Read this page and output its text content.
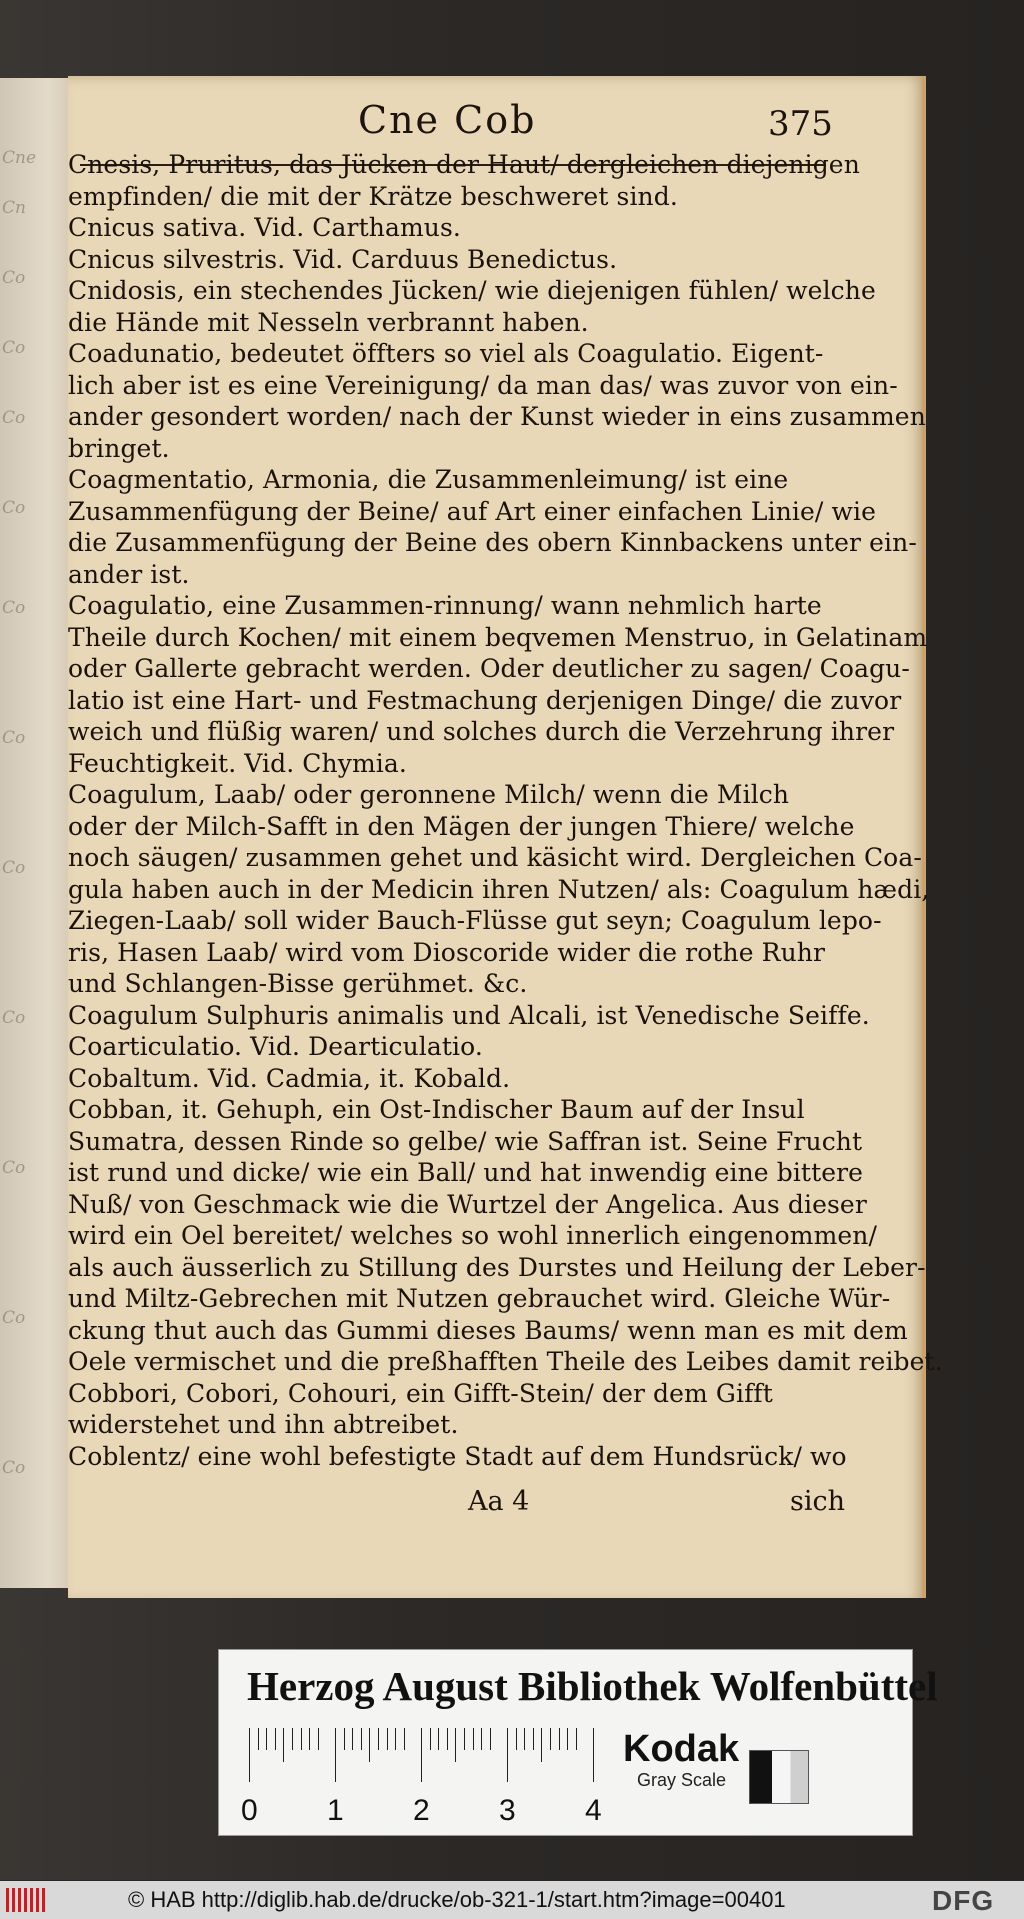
Cne
Cn
Co
Co
Co
Co
Co
Co
Co
Co
Co
Co
Co
Cne Cob	375
Cnesis, Pruritus, das Jücken der Haut/ dergleichen diejenigen
empfinden/ die mit der Krätze beschweret sind.
Cnicus sativa. Vid. Carthamus.
Cnicus silvestris. Vid. Carduus Benedictus.
Cnidosis, ein stechendes Jücken/ wie diejenigen fühlen/ welche
die Hände mit Nesseln verbrannt haben.
Coadunatio, bedeutet öffters so viel als Coagulatio. Eigent-
lich aber ist es eine Vereinigung/ da man das/ was zuvor von ein-
ander gesondert worden/ nach der Kunst wieder in eins zusammen
bringet.
Coagmentatio, Armonia, die Zusammenleimung/ ist eine
Zusammenfügung der Beine/ auf Art einer einfachen Linie/ wie
die Zusammenfügung der Beine des obern Kinnbackens unter ein-
ander ist.
Coagulatio, eine Zusammen-rinnung/ wann nehmlich harte
Theile durch Kochen/ mit einem beqvemen Menstruo, in Gelatinam
oder Gallerte gebracht werden. Oder deutlicher zu sagen/ Coagu-
latio ist eine Hart- und Festmachung derjenigen Dinge/ die zuvor
weich und flüßig waren/ und solches durch die Verzehrung ihrer
Feuchtigkeit. Vid. Chymia.
Coagulum, Laab/ oder geronnene Milch/ wenn die Milch
oder der Milch-Safft in den Mägen der jungen Thiere/ welche
noch säugen/ zusammen gehet und käsicht wird. Dergleichen Coa-
gula haben auch in der Medicin ihren Nutzen/ als: Coagulum hædi,
Ziegen-Laab/ soll wider Bauch-Flüsse gut seyn; Coagulum lepo-
ris, Hasen Laab/ wird vom Dioscoride wider die rothe Ruhr
und Schlangen-Bisse gerühmet. &c.
Coagulum Sulphuris animalis und Alcali, ist Venedische Seiffe.
Coarticulatio. Vid. Dearticulatio.
Cobaltum. Vid. Cadmia, it. Kobald.
Cobban, it. Gehuph, ein Ost-Indischer Baum auf der Insul
Sumatra, dessen Rinde so gelbe/ wie Saffran ist. Seine Frucht
ist rund und dicke/ wie ein Ball/ und hat inwendig eine bittere
Nuß/ von Geschmack wie die Wurtzel der Angelica. Aus dieser
wird ein Oel bereitet/ welches so wohl innerlich eingenommen/
als auch äusserlich zu Stillung des Durstes und Heilung der Leber-
und Miltz-Gebrechen mit Nutzen gebrauchet wird. Gleiche Wür-
ckung thut auch das Gummi dieses Baums/ wenn man es mit dem
Oele vermischet und die preßhafften Theile des Leibes damit reibet.
Cobbori, Cobori, Cohouri, ein Gifft-Stein/ der dem Gifft
widerstehet und ihn abtreibet.
Coblentz/ eine wohl befestigte Stadt auf dem Hundsrück/ wo
Aa 4	sich
Herzog August Bibliothek Wolfenbüttel
0 1 2 3 4
Kodak
Gray Scale
© HAB http://diglib.hab.de/drucke/ob-321-1/start.htm?image=00401	DFG
